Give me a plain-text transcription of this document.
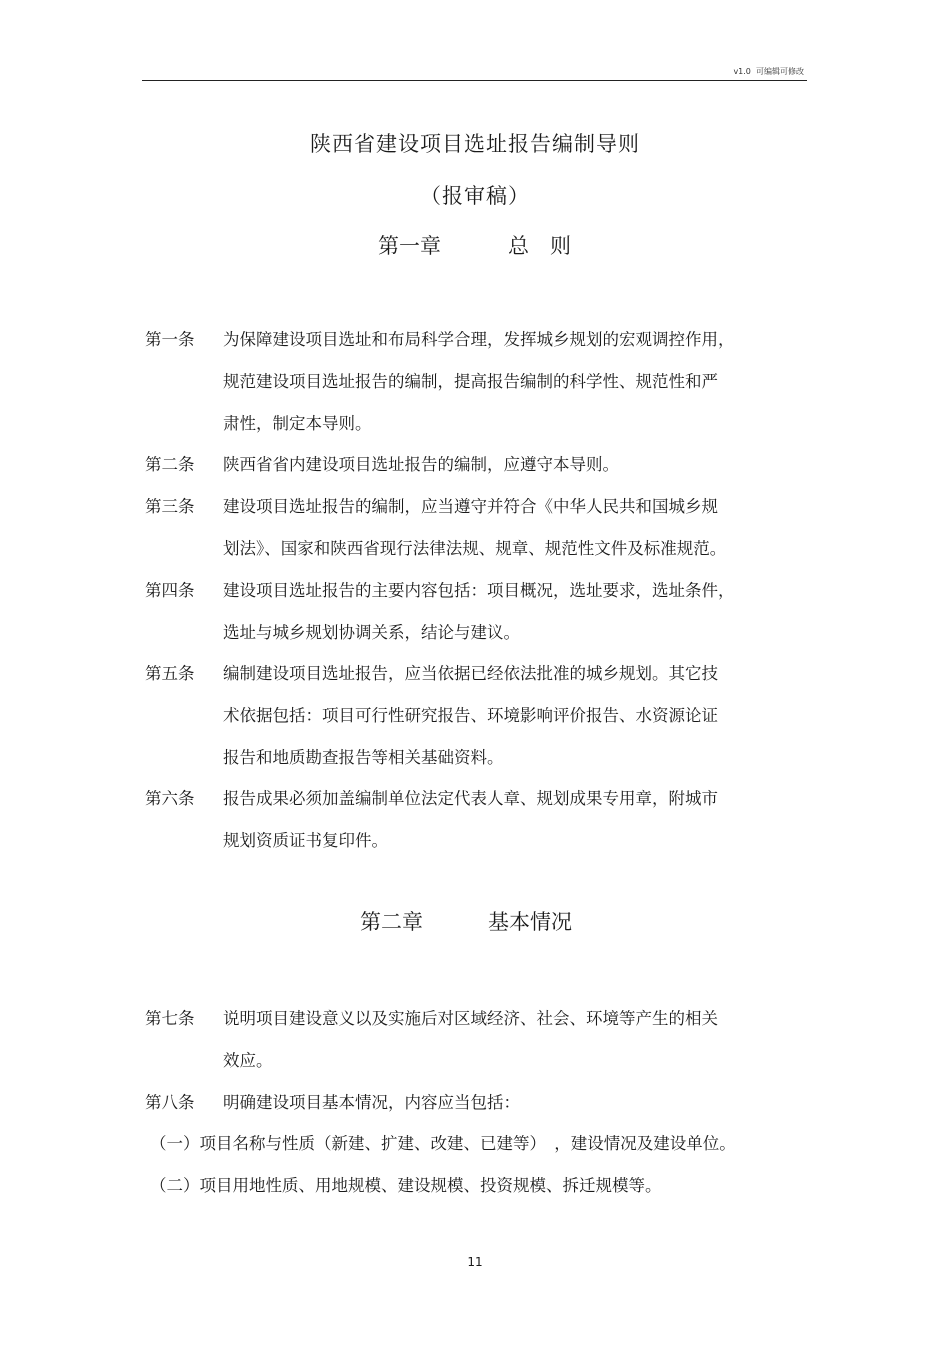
v1.0 可编辑可修改
陕西省建设项目选址报告编制导则
（报审稿）
第一章	总　则
第一条 为保障建设项目选址和布局科学合理，发挥城乡规划的宏观调控作用，
规范建设项目选址报告的编制，提高报告编制的科学性、规范性和严
肃性，制定本导则。
第二条 陕西省省内建设项目选址报告的编制，应遵守本导则。
第三条 建设项目选址报告的编制，应当遵守并符合《中华人民共和国城乡规
划法》、国家和陕西省现行法律法规、规章、规范性文件及标准规范。
第四条 建设项目选址报告的主要内容包括：项目概况，选址要求，选址条件，
选址与城乡规划协调关系，结论与建议。
第五条 编制建设项目选址报告，应当依据已经依法批准的城乡规划。其它技
术依据包括：项目可行性研究报告、环境影响评价报告、水资源论证
报告和地质勘查报告等相关基础资料。
第六条 报告成果必须加盖编制单位法定代表人章、规划成果专用章，附城市
规划资质证书复印件。
第二章	基本情况
第七条 说明项目建设意义以及实施后对区域经济、社会、环境等产生的相关
效应。
第八条 明确建设项目基本情况，内容应当包括：
（一）项目名称与性质（新建、扩建、改建、已建等）　，建设情况及建设单位。
（二）项目用地性质、用地规模、建设规模、投资规模、拆迁规模等。
11
